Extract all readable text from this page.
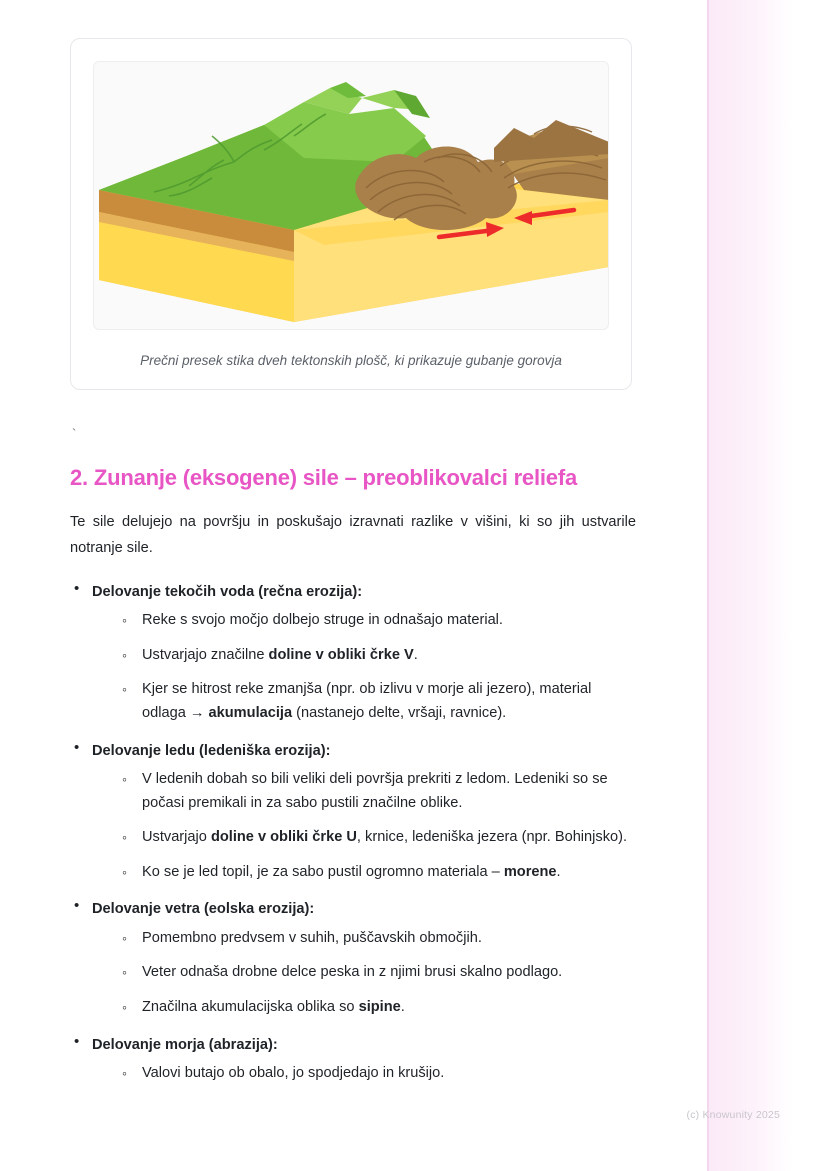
Prečni presek stika dveh tektonskih plošč, ki prikazuje gubanje gorovja
`
2. Zunanje (eksogene) sile – preoblikovalci reliefa

Te sile delujejo na površju in poskušajo izravnati razlike v višini, ki so jih ustvarile notranje sile.

• Delovanje tekočih voda (rečna erozija):
◦ Reke s svojo močjo dolbejo struge in odnašajo material.
◦ Ustvarjajo značilne doline v obliki črke V.
◦ Kjer se hitrost reke zmanjša (npr. ob izlivu v morje ali jezero), material odlaga → akumulacija (nastanejo delte, vršaji, ravnice).
• Delovanje ledu (ledeniška erozija):
◦ V ledenih dobah so bili veliki deli površja prekriti z ledom. Ledeniki so se počasi premikali in za sabo pustili značilne oblike.
◦ Ustvarjajo doline v obliki črke U, krnice, ledeniška jezera (npr. Bohinjsko).
◦ Ko se je led topil, je za sabo pustil ogromno materiala – morene.
• Delovanje vetra (eolska erozija):
◦ Pomembno predvsem v suhih, puščavskih območjih.
◦ Veter odnaša drobne delce peska in z njimi brusi skalno podlago.
◦ Značilna akumulacijska oblika so sipine.
• Delovanje morja (abrazija):
◦ Valovi butajo ob obalo, jo spodjedajo in krušijo.
(c) Knowunity 2025
